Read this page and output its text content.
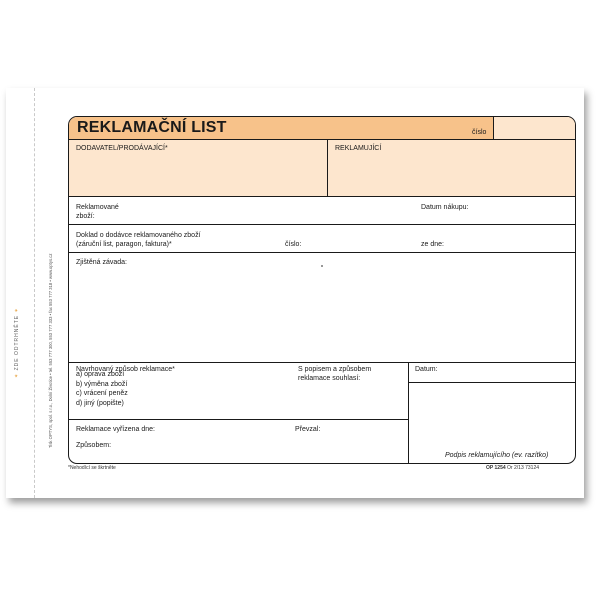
✶ ZDE ODTRHNĚTE ✶	Tisk OPTYS, spol. s r.o., Dolní Životice • tel. 553 777 300, 553 777 333 • fax 553 777 318 • www.optys.cz
REKLAMAČNÍ LIST	číslo
DODAVATEL/PRODÁVAJÍCÍ*	REKLAMUJÍCÍ
Reklamované
zboží:
Datum nákupu:
Doklad o dodávce reklamovaného zboží
(záruční list, paragon, faktura)*	číslo:	ze dne:
Zjištěná závada:
Navrhovaný způsob reklamace*
a) oprava zboží
b) výměna zboží
c) vrácení peněz
d) jiný (popište)
S popisem a způsobem
reklamace souhlasí:
Datum:
Reklamace vyřízena dne:	Převzal:
Způsobem:
Podpis reklamujícího (ev. razítko)
*Nehodící se škrtněte	OP 1254 Or 2/13 73124
